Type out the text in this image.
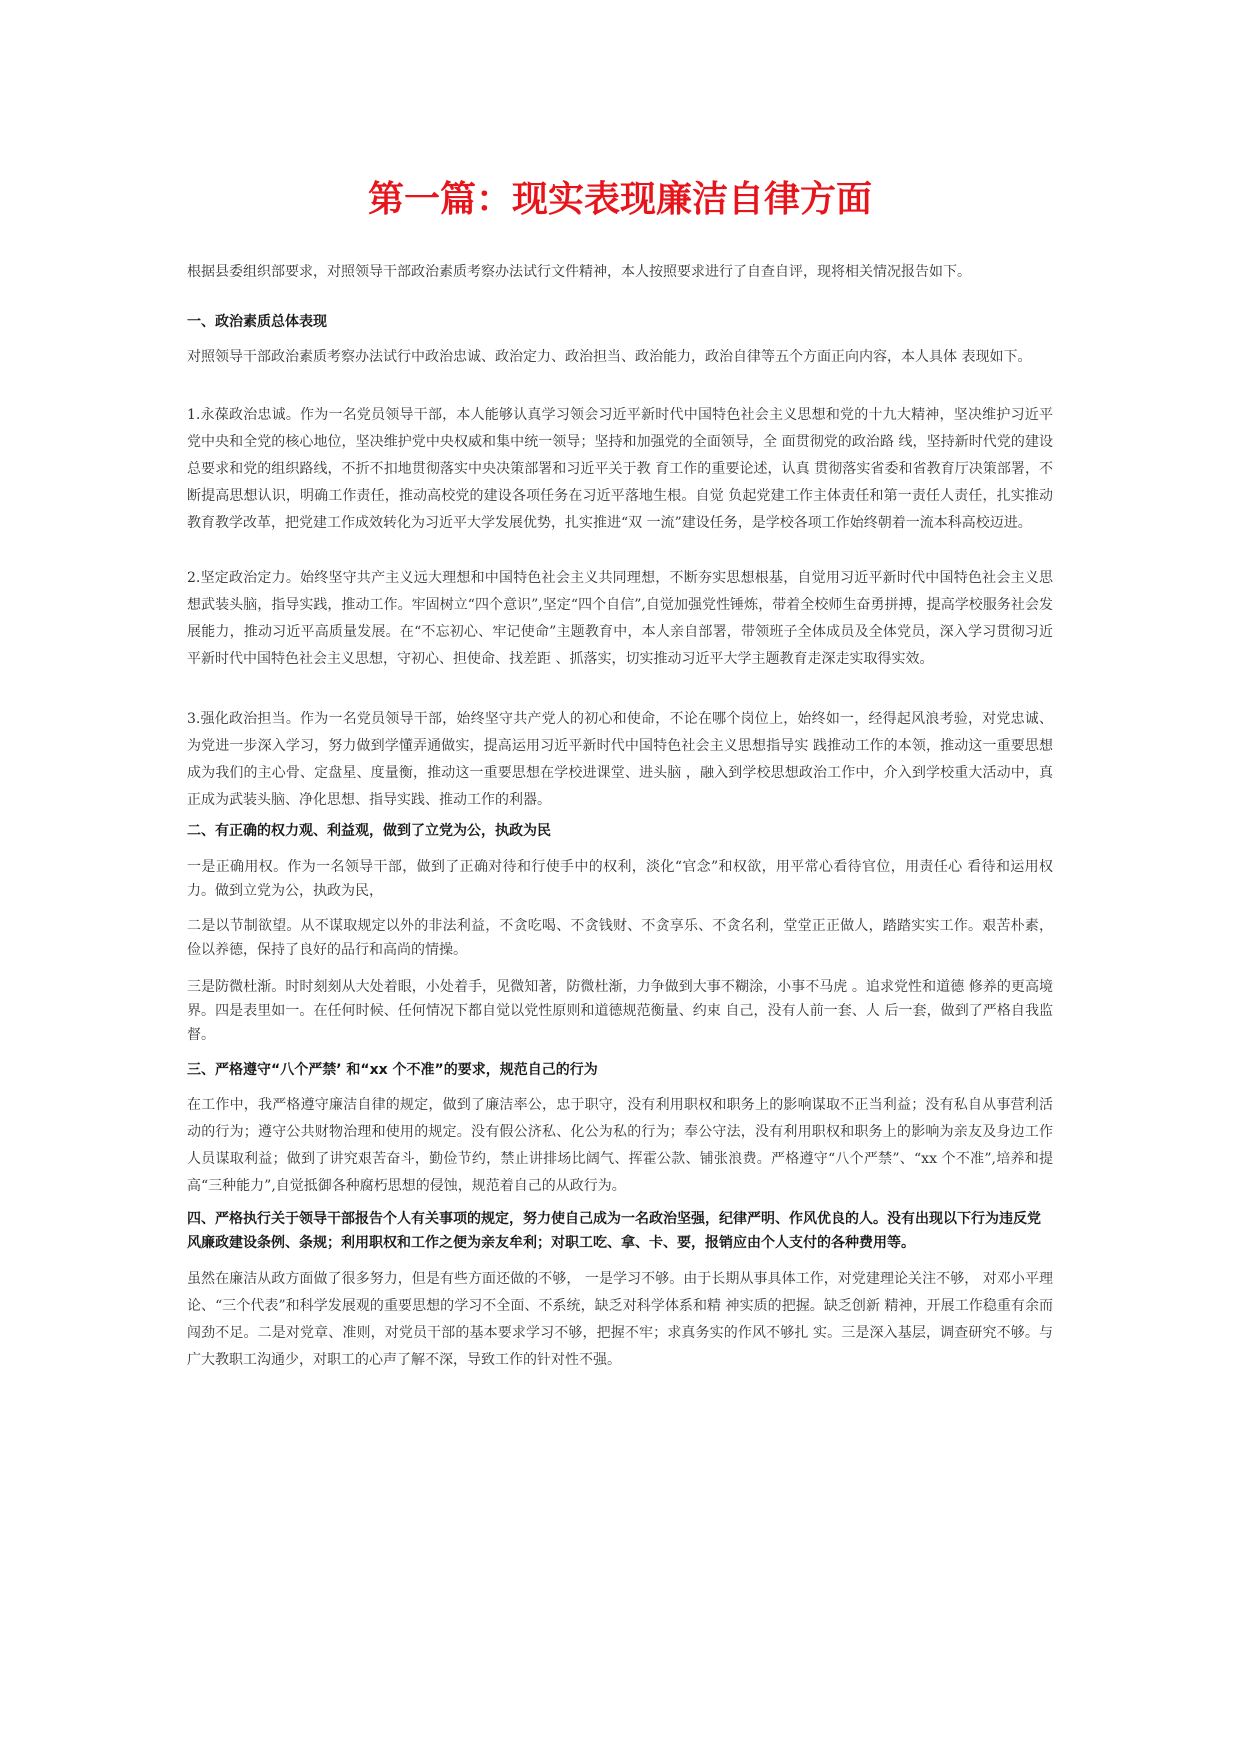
第一篇：现实表现廉洁自律方面

根据县委组织部要求，对照领导干部政治素质考察办法试行文件精神，本人按照要求进行了自查自评，现将相关情况报告如下。

一、政治素质总体表现

对照领导干部政治素质考察办法试行中政治忠诚、政治定力、政治担当、政治能力，政治自律等五个方面正向内容，本人具体 表现如下。

1.永葆政治忠诚。作为一名党员领导干部，本人能够认真学习领会习近平新时代中国特色社会主义思想和党的十九大精神，坚决维护习近平党中央和全党的核心地位，坚决维护党中央权威和集中统一领导；坚持和加强党的全面领导，全 面贯彻党的政治路 线，坚持新时代党的建设总要求和党的组织路线，不折不扣地贯彻落实中央决策部署和习近平关于教 育工作的重要论述，认真 贯彻落实省委和省教育厅决策部署，不断提高思想认识，明确工作责任，推动高校党的建设各项任务在习近平落地生根。自觉 负起党建工作主体责任和第一责任人责任，扎实推动教育教学改革，把党建工作成效转化为习近平大学发展优势，扎实推进“双 一流”建设任务，是学校各项工作始终朝着一流本科高校迈进。

2.坚定政治定力。始终坚守共产主义远大理想和中国特色社会主义共同理想，不断夯实思想根基，自觉用习近平新时代中国特色社会主义思想武装头脑，指导实践，推动工作。牢固树立“四个意识”,坚定“四个自信”,自觉加强党性锤炼，带着全校师生奋勇拼搏，提高学校服务社会发展能力，推动习近平高质量发展。在“不忘初心、牢记使命”主题教育中，本人亲自部署，带领班子全体成员及全体党员，深入学习贯彻习近平新时代中国特色社会主义思想，守初心、担使命、找差距 、抓落实，切实推动习近平大学主题教育走深走实取得实效。

3.强化政治担当。作为一名党员领导干部，始终坚守共产党人的初心和使命，不论在哪个岗位上，始终如一，经得起风浪考验，对党忠诚、为党进一步深入学习，努力做到学懂弄通做实，提高运用习近平新时代中国特色社会主义思想指导实 践推动工作的本领，推动这一重要思想成为我们的主心骨、定盘星、度量衡，推动这一重要思想在学校进课堂、进头脑 ，融入到学校思想政治工作中，介入到学校重大活动中，真正成为武装头脑、净化思想、指导实践、推动工作的利器。

二、有正确的权力观、利益观，做到了立党为公，执政为民

一是正确用权。作为一名领导干部，做到了正确对待和行使手中的权利，淡化“官念”和权欲，用平常心看待官位，用责任心 看待和运用权力。做到立党为公，执政为民，

二是以节制欲望。从不谋取规定以外的非法利益，不贪吃喝、不贪钱财、不贪享乐、不贪名利，堂堂正正做人，踏踏实实工作。艰苦朴素，俭以养德，保持了良好的品行和高尚的情操。

三是防微杜渐。时时刻刻从大处着眼，小处着手，见微知著，防微杜渐，力争做到大事不糊涂，小事不马虎 。追求党性和道德 修养的更高境界。四是表里如一。在任何时候、任何情况下都自觉以党性原则和道德规范衡量、约束 自己，没有人前一套、人 后一套，做到了严格自我监督。

三、严格遵守“八个严禁’ 和“xx 个不准”的要求，规范自己的行为

在工作中，我严格遵守廉洁自律的规定，做到了廉洁率公，忠于职守，没有利用职权和职务上的影响谋取不正当利益；没有私自从事营利活动的行为；遵守公共财物治理和使用的规定。没有假公济私、化公为私的行为；奉公守法，没有利用职权和职务上的影响为亲友及身边工作人员谋取利益；做到了讲究艰苦奋斗，勤俭节约，禁止讲排场比阔气、挥霍公款、铺张浪费。严格遵守“八个严禁”、“xx 个不准”,培养和提高“三种能力”,自觉抵御各种腐朽思想的侵蚀，规范着自己的从政行为。

四、严格执行关于领导干部报告个人有关事项的规定，努力使自己成为一名政治坚强，纪律严明、作风优良的人。没有出现以下行为违反党风廉政建设条例、条规；利用职权和工作之便为亲友牟利；对职工吃、拿、卡、要，报销应由个人支付的各种费用等。

虽然在廉洁从政方面做了很多努力，但是有些方面还做的不够， 一是学习不够。由于长期从事具体工作，对党建理论关注不够， 对邓小平理论、“三个代表”和科学发展观的重要思想的学习不全面、不系统，缺乏对科学体系和精 神实质的把握。缺乏创新 精神，开展工作稳重有余而闯劲不足。二是对党章、准则，对党员干部的基本要求学习不够，把握不牢；求真务实的作风不够扎 实。三是深入基层，调查研究不够。与广大教职工沟通少，对职工的心声了解不深，导致工作的针对性不强。
